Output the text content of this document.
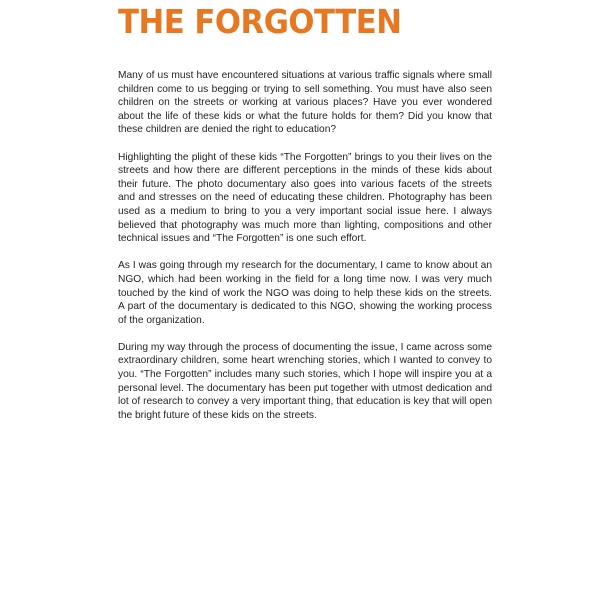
THE FORGOTTEN

Many of us must have encountered situations at various traffic signals where small children come to us begging or trying to sell something. You must have also seen children on the streets or working at various places? Have you ever wondered about the life of these kids or what the future holds for them? Did you know that these children are denied the right to education?

Highlighting the plight of these kids “The Forgotten” brings to you their lives on the streets and how there are different perceptions in the minds of these kids about their future. The photo documentary also goes into various facets of the streets and and stresses on the need of educating these children. Photography has been used as a medium to bring to you a very important social issue here. I always believed that photography was much more than lighting, compositions and other technical issues and “The Forgotten” is one such effort.

As I was going through my research for the documentary, I came to know about an NGO, which had been working in the field for a long time now. I was very much touched by the kind of work the NGO was doing to help these kids on the streets. A part of the documentary is dedicated to this NGO, showing the working process of the organization.

During my way through the process of documenting the issue, I came across some extraordinary children, some heart wrenching stories, which I wanted to convey to you. “The Forgotten” includes many such stories, which I hope will inspire you at a personal level. The documentary has been put together with utmost dedication and lot of research to convey a very important thing, that education is key that will open the bright future of these kids on the streets.
